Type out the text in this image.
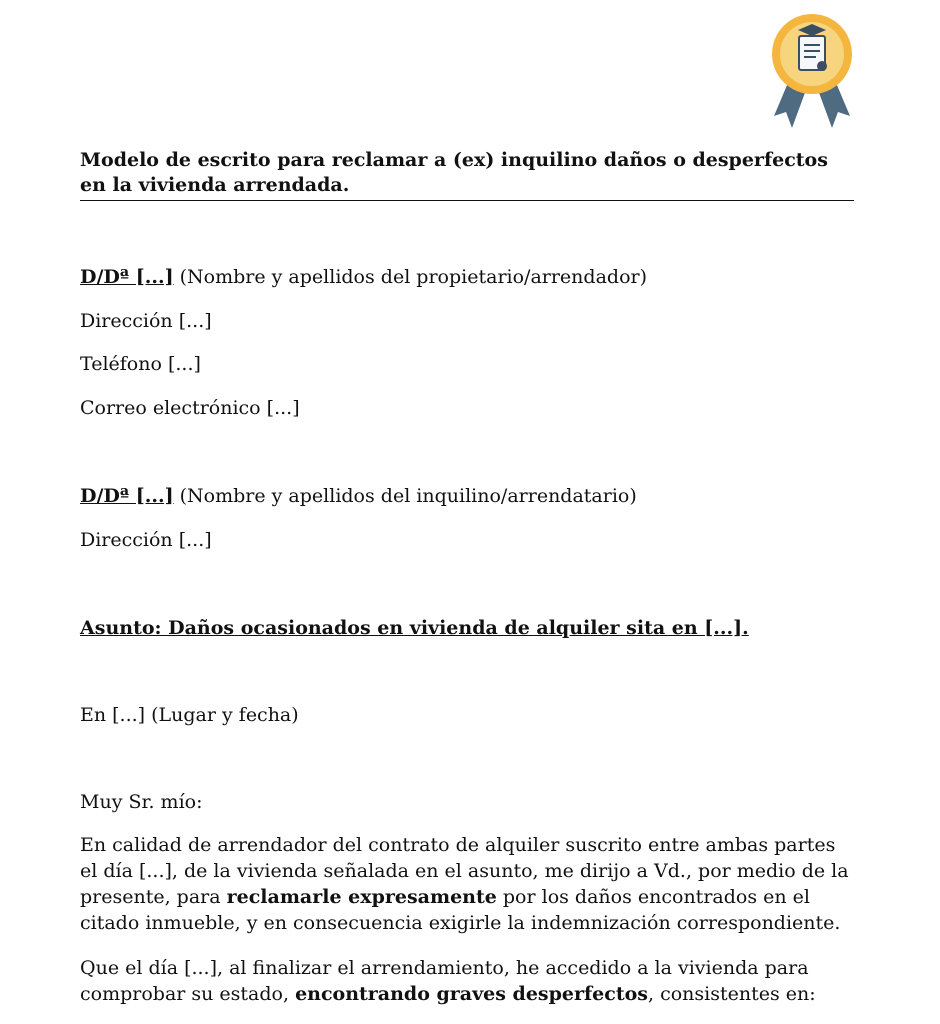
Modelo de escrito para reclamar a (ex) inquilino daños o desperfectos en la vivienda arrendada.
D/Dª [...] (Nombre y apellidos del propietario/arrendador)
Dirección [...]
Teléfono [...]
Correo electrónico [...]
D/Dª [...] (Nombre y apellidos del inquilino/arrendatario)
Dirección [...]
Asunto: Daños ocasionados en vivienda de alquiler sita en [...].
En [...] (Lugar y fecha)
Muy Sr. mío:

En calidad de arrendador del contrato de alquiler suscrito entre ambas partes el día [...], de la vivienda señalada en el asunto, me dirijo a Vd., por medio de la presente, para reclamarle expresamente por los daños encontrados en el citado inmueble, y en consecuencia exigirle la indemnización correspondiente.

Que el día [...], al finalizar el arrendamiento, he accedido a la vivienda para comprobar su estado, encontrando graves desperfectos, consistentes en:
